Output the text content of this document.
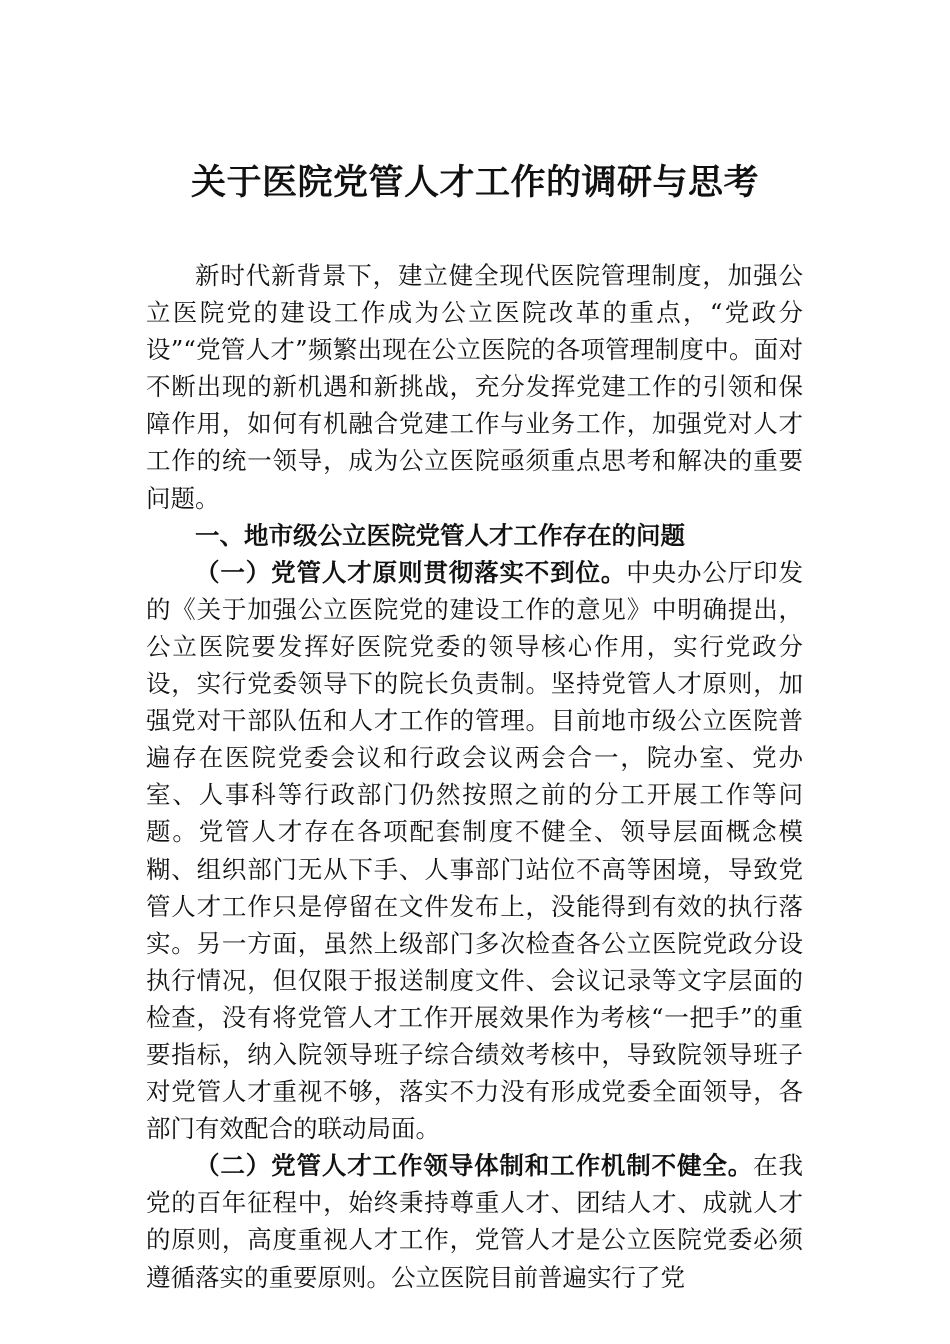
关于医院党管人才工作的调研与思考

新时代新背景下，建立健全现代医院管理制度，加强公立医院党的建设工作成为公立医院改革的重点，“党政分设”“党管人才”频繁出现在公立医院的各项管理制度中。面对不断出现的新机遇和新挑战，充分发挥党建工作的引领和保障作用，如何有机融合党建工作与业务工作，加强党对人才工作的统一领导，成为公立医院亟须重点思考和解决的重要问题。

一、地市级公立医院党管人才工作存在的问题

（一）党管人才原则贯彻落实不到位。中央办公厅印发的《关于加强公立医院党的建设工作的意见》中明确提出，公立医院要发挥好医院党委的领导核心作用，实行党政分设，实行党委领导下的院长负责制。坚持党管人才原则，加强党对干部队伍和人才工作的管理。目前地市级公立医院普遍存在医院党委会议和行政会议两会合一，院办室、党办室、人事科等行政部门仍然按照之前的分工开展工作等问题。党管人才存在各项配套制度不健全、领导层面概念模糊、组织部门无从下手、人事部门站位不高等困境，导致党管人才工作只是停留在文件发布上，没能得到有效的执行落实。另一方面，虽然上级部门多次检查各公立医院党政分设执行情况，但仅限于报送制度文件、会议记录等文字层面的检查，没有将党管人才工作开展效果作为考核“一把手”的重要指标，纳入院领导班子综合绩效考核中，导致院领导班子对党管人才重视不够，落实不力没有形成党委全面领导，各部门有效配合的联动局面。

（二）党管人才工作领导体制和工作机制不健全。在我党的百年征程中，始终秉持尊重人才、团结人才、成就人才的原则，高度重视人才工作，党管人才是公立医院党委必须遵循落实的重要原则。公立医院目前普遍实行了党
